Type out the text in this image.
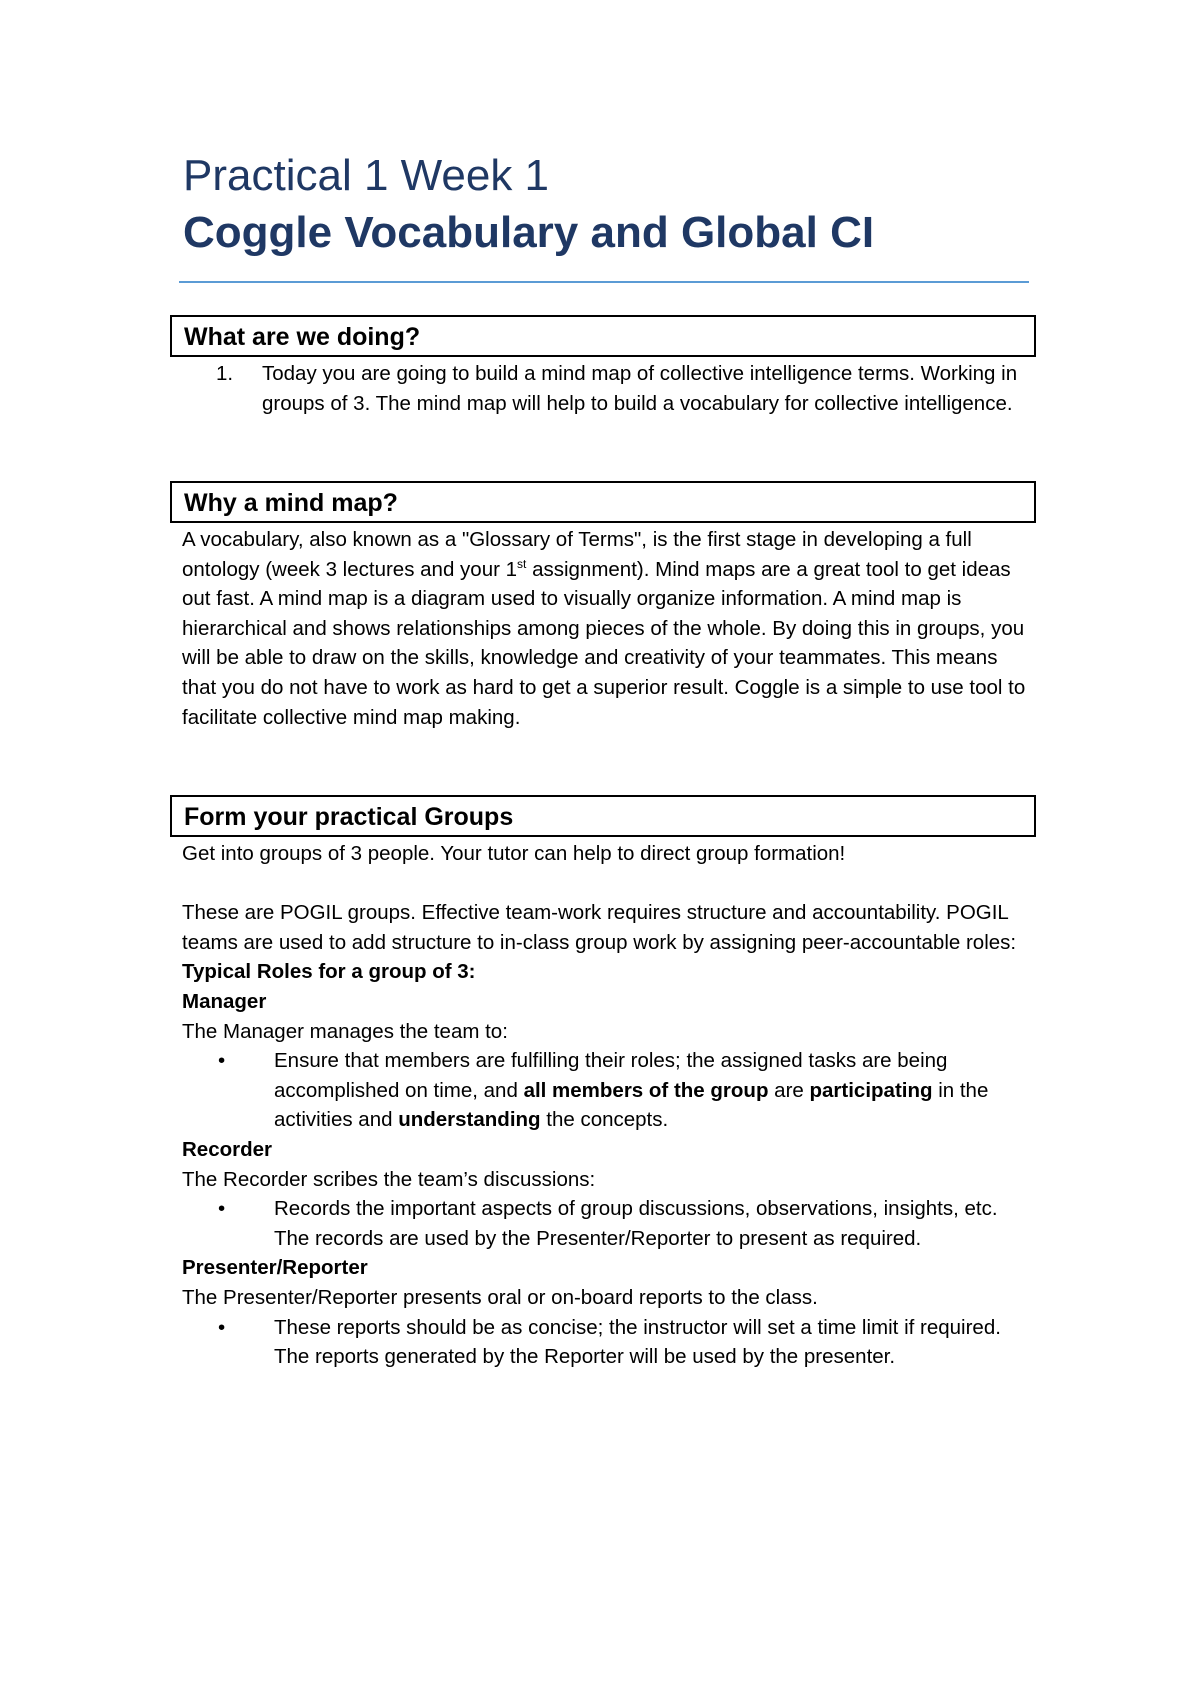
Practical 1 Week 1
Coggle Vocabulary and Global CI
What are we doing?
1.	Today you are going to build a mind map of collective intelligence terms. Working in groups of 3. The mind map will help to build a vocabulary for collective intelligence.
Why a mind map?
A vocabulary, also known as a "Glossary of Terms", is the first stage in developing a full ontology (week 3 lectures and your 1st assignment). Mind maps are a great tool to get ideas out fast. A mind map is a diagram used to visually organize information. A mind map is hierarchical and shows relationships among pieces of the whole. By doing this in groups, you will be able to draw on the skills, knowledge and creativity of your teammates. This means that you do not have to work as hard to get a superior result. Coggle is a simple to use tool to facilitate collective mind map making.
Form your practical Groups
Get into groups of 3 people. Your tutor can help to direct group formation!
These are POGIL groups. Effective team-work requires structure and accountability. POGIL teams are used to add structure to in-class group work by assigning peer-accountable roles:
Typical Roles for a group of 3:
Manager
The Manager manages the team to:
•	Ensure that members are fulfilling their roles; the assigned tasks are being accomplished on time, and all members of the group are participating in the activities and understanding the concepts.
Recorder
The Recorder scribes the team’s discussions:
•	Records the important aspects of group discussions, observations, insights, etc. The records are used by the Presenter/Reporter to present as required.
Presenter/Reporter
The Presenter/Reporter presents oral or on-board reports to the class.
•	These reports should be as concise; the instructor will set a time limit if required. The reports generated by the Reporter will be used by the presenter.
